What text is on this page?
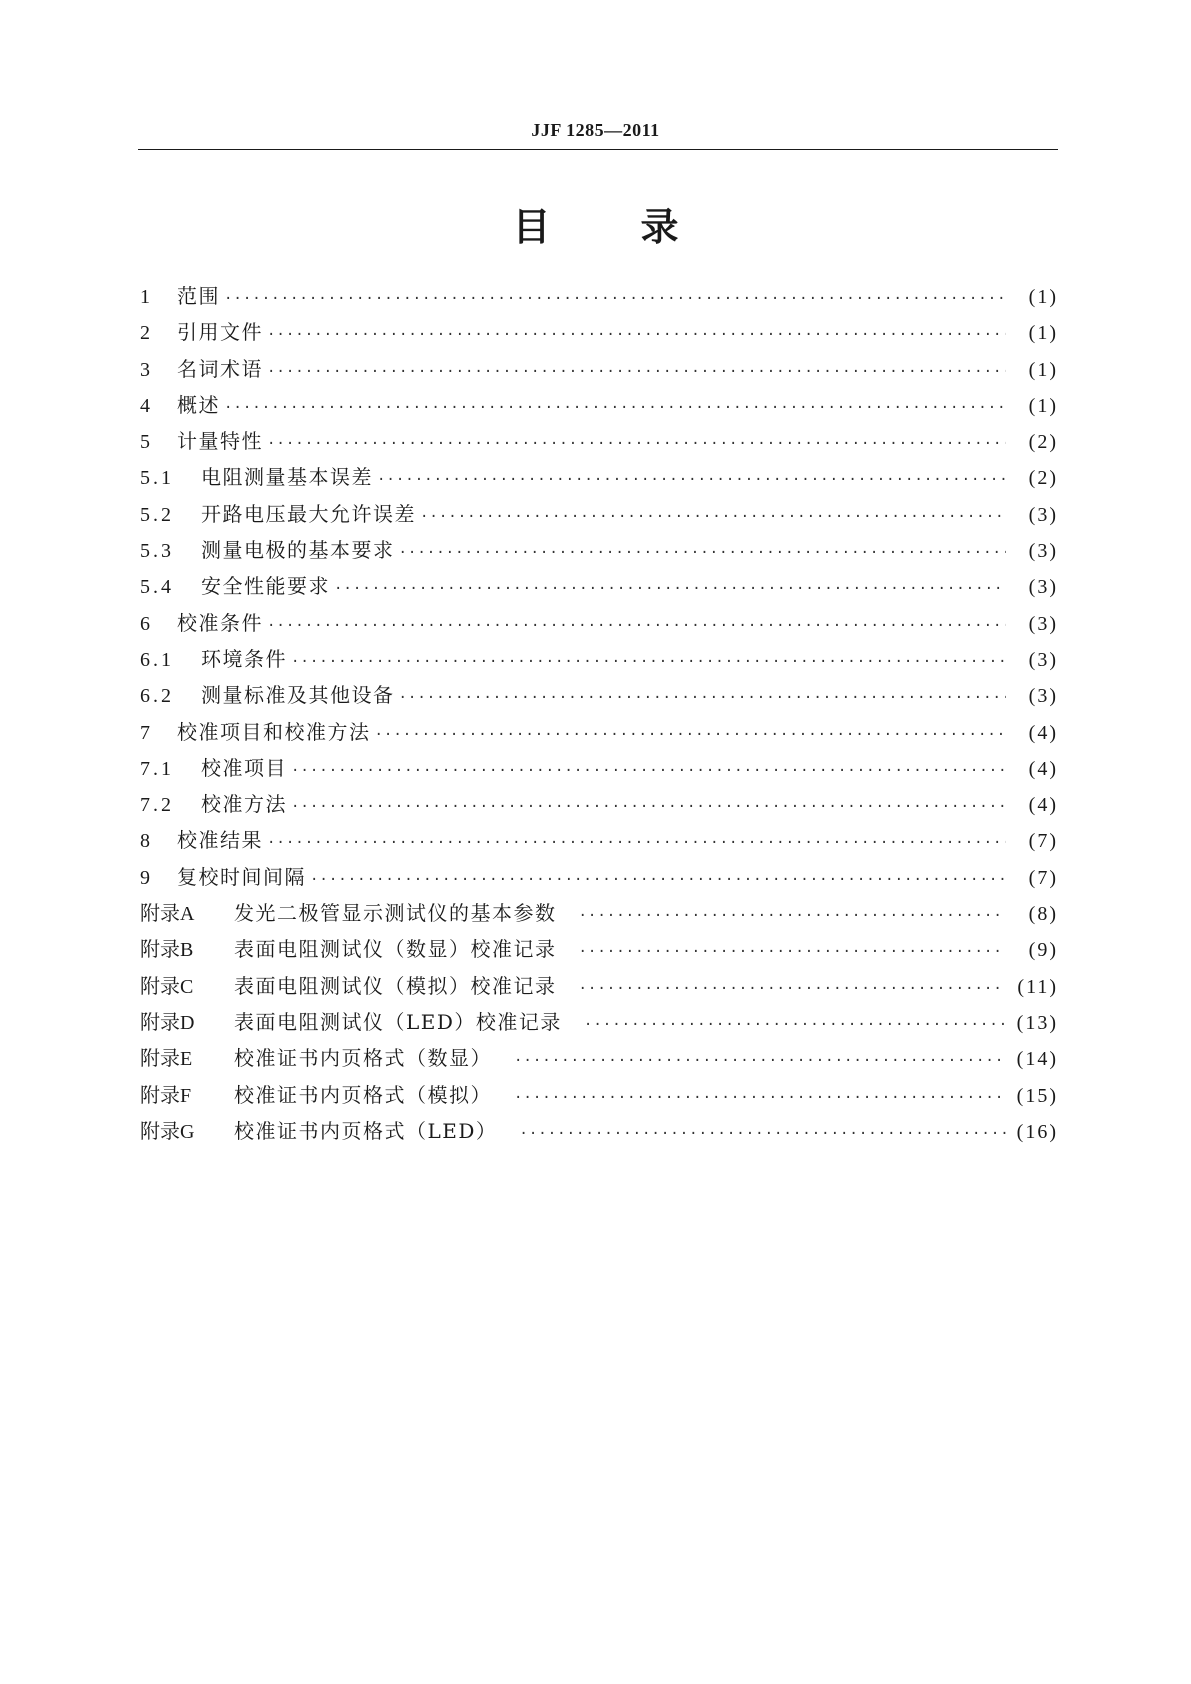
JJF 1285—2011
目录
1	范围 ·····	(1)
2	引用文件 ·····	(1)
3	名词术语 ·····	(1)
4	概述 ·····	(1)
5	计量特性 ·····	(2)
5.1	电阻测量基本误差 ·····	(2)
5.2	开路电压最大允许误差 ·····	(3)
5.3	测量电极的基本要求 ·····	(3)
5.4	安全性能要求 ·····	(3)
6	校准条件 ·····	(3)
6.1	环境条件 ·····	(3)
6.2	测量标准及其他设备 ·····	(3)
7	校准项目和校准方法 ·····	(4)
7.1	校准项目 ·····	(4)
7.2	校准方法 ·····	(4)
8	校准结果 ·····	(7)
9	复校时间间隔 ·····	(7)
附录A	发光二极管显示测试仪的基本参数 ·····	(8)
附录B	表面电阻测试仪（数显）校准记录 ·····	(9)
附录C	表面电阻测试仪（模拟）校准记录 ·····	(11)
附录D	表面电阻测试仪（LED）校准记录 ·····	(13)
附录E	校准证书内页格式（数显） ·····	(14)
附录F	校准证书内页格式（模拟） ·····	(15)
附录G	校准证书内页格式（LED） ·····	(16)
